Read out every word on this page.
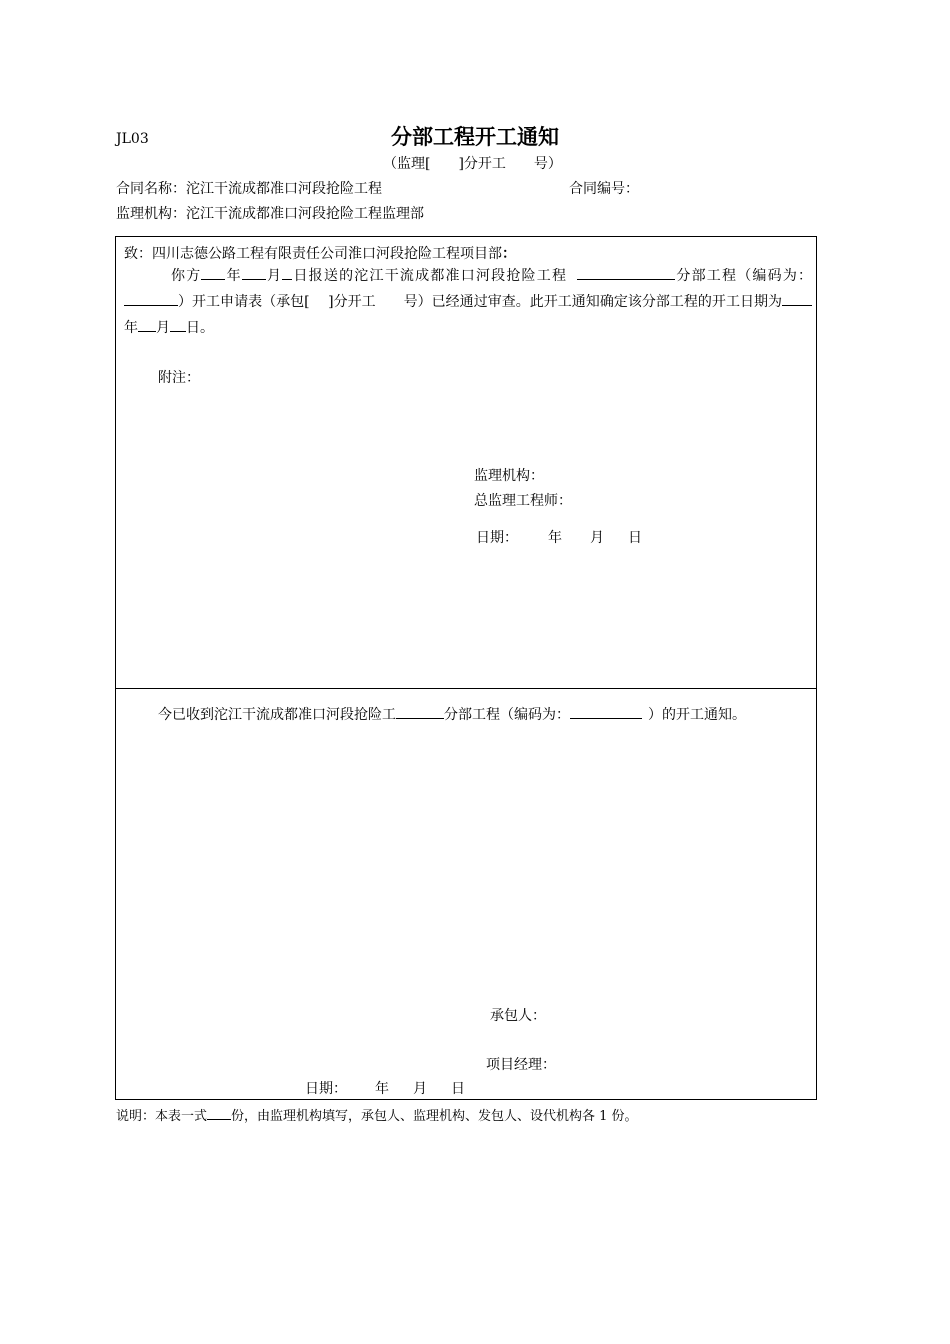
JL03	分部工程开工通知
（监理[　　]分开工　　号）
合同名称：沱江干流成都准口河段抢险工程	合同编号：
监理机构：沱江干流成都准口河段抢险工程监理部
致：四川志德公路工程有限责任公司淮口河段抢险工程项目部：
你方 年 月 日报送的沱江干流成都准口河段抢险工程	分部工程（编码为：）开工申请表（承包[　 ]分开工　　号）已经通过审查。此开工通知确定该分部工程的开工日期为年 月 日。
附注：
监理机构：
总监理工程师：
日期： 年 月 日
今已收到沱江干流成都准口河段抢险工	分部工程（编码为：	）的开工通知。
承包人：
项目经理：
日期： 年 月 日
说明：本表一式 份，由监理机构填写，承包人、监理机构、发包人、设代机构各 1 份。
